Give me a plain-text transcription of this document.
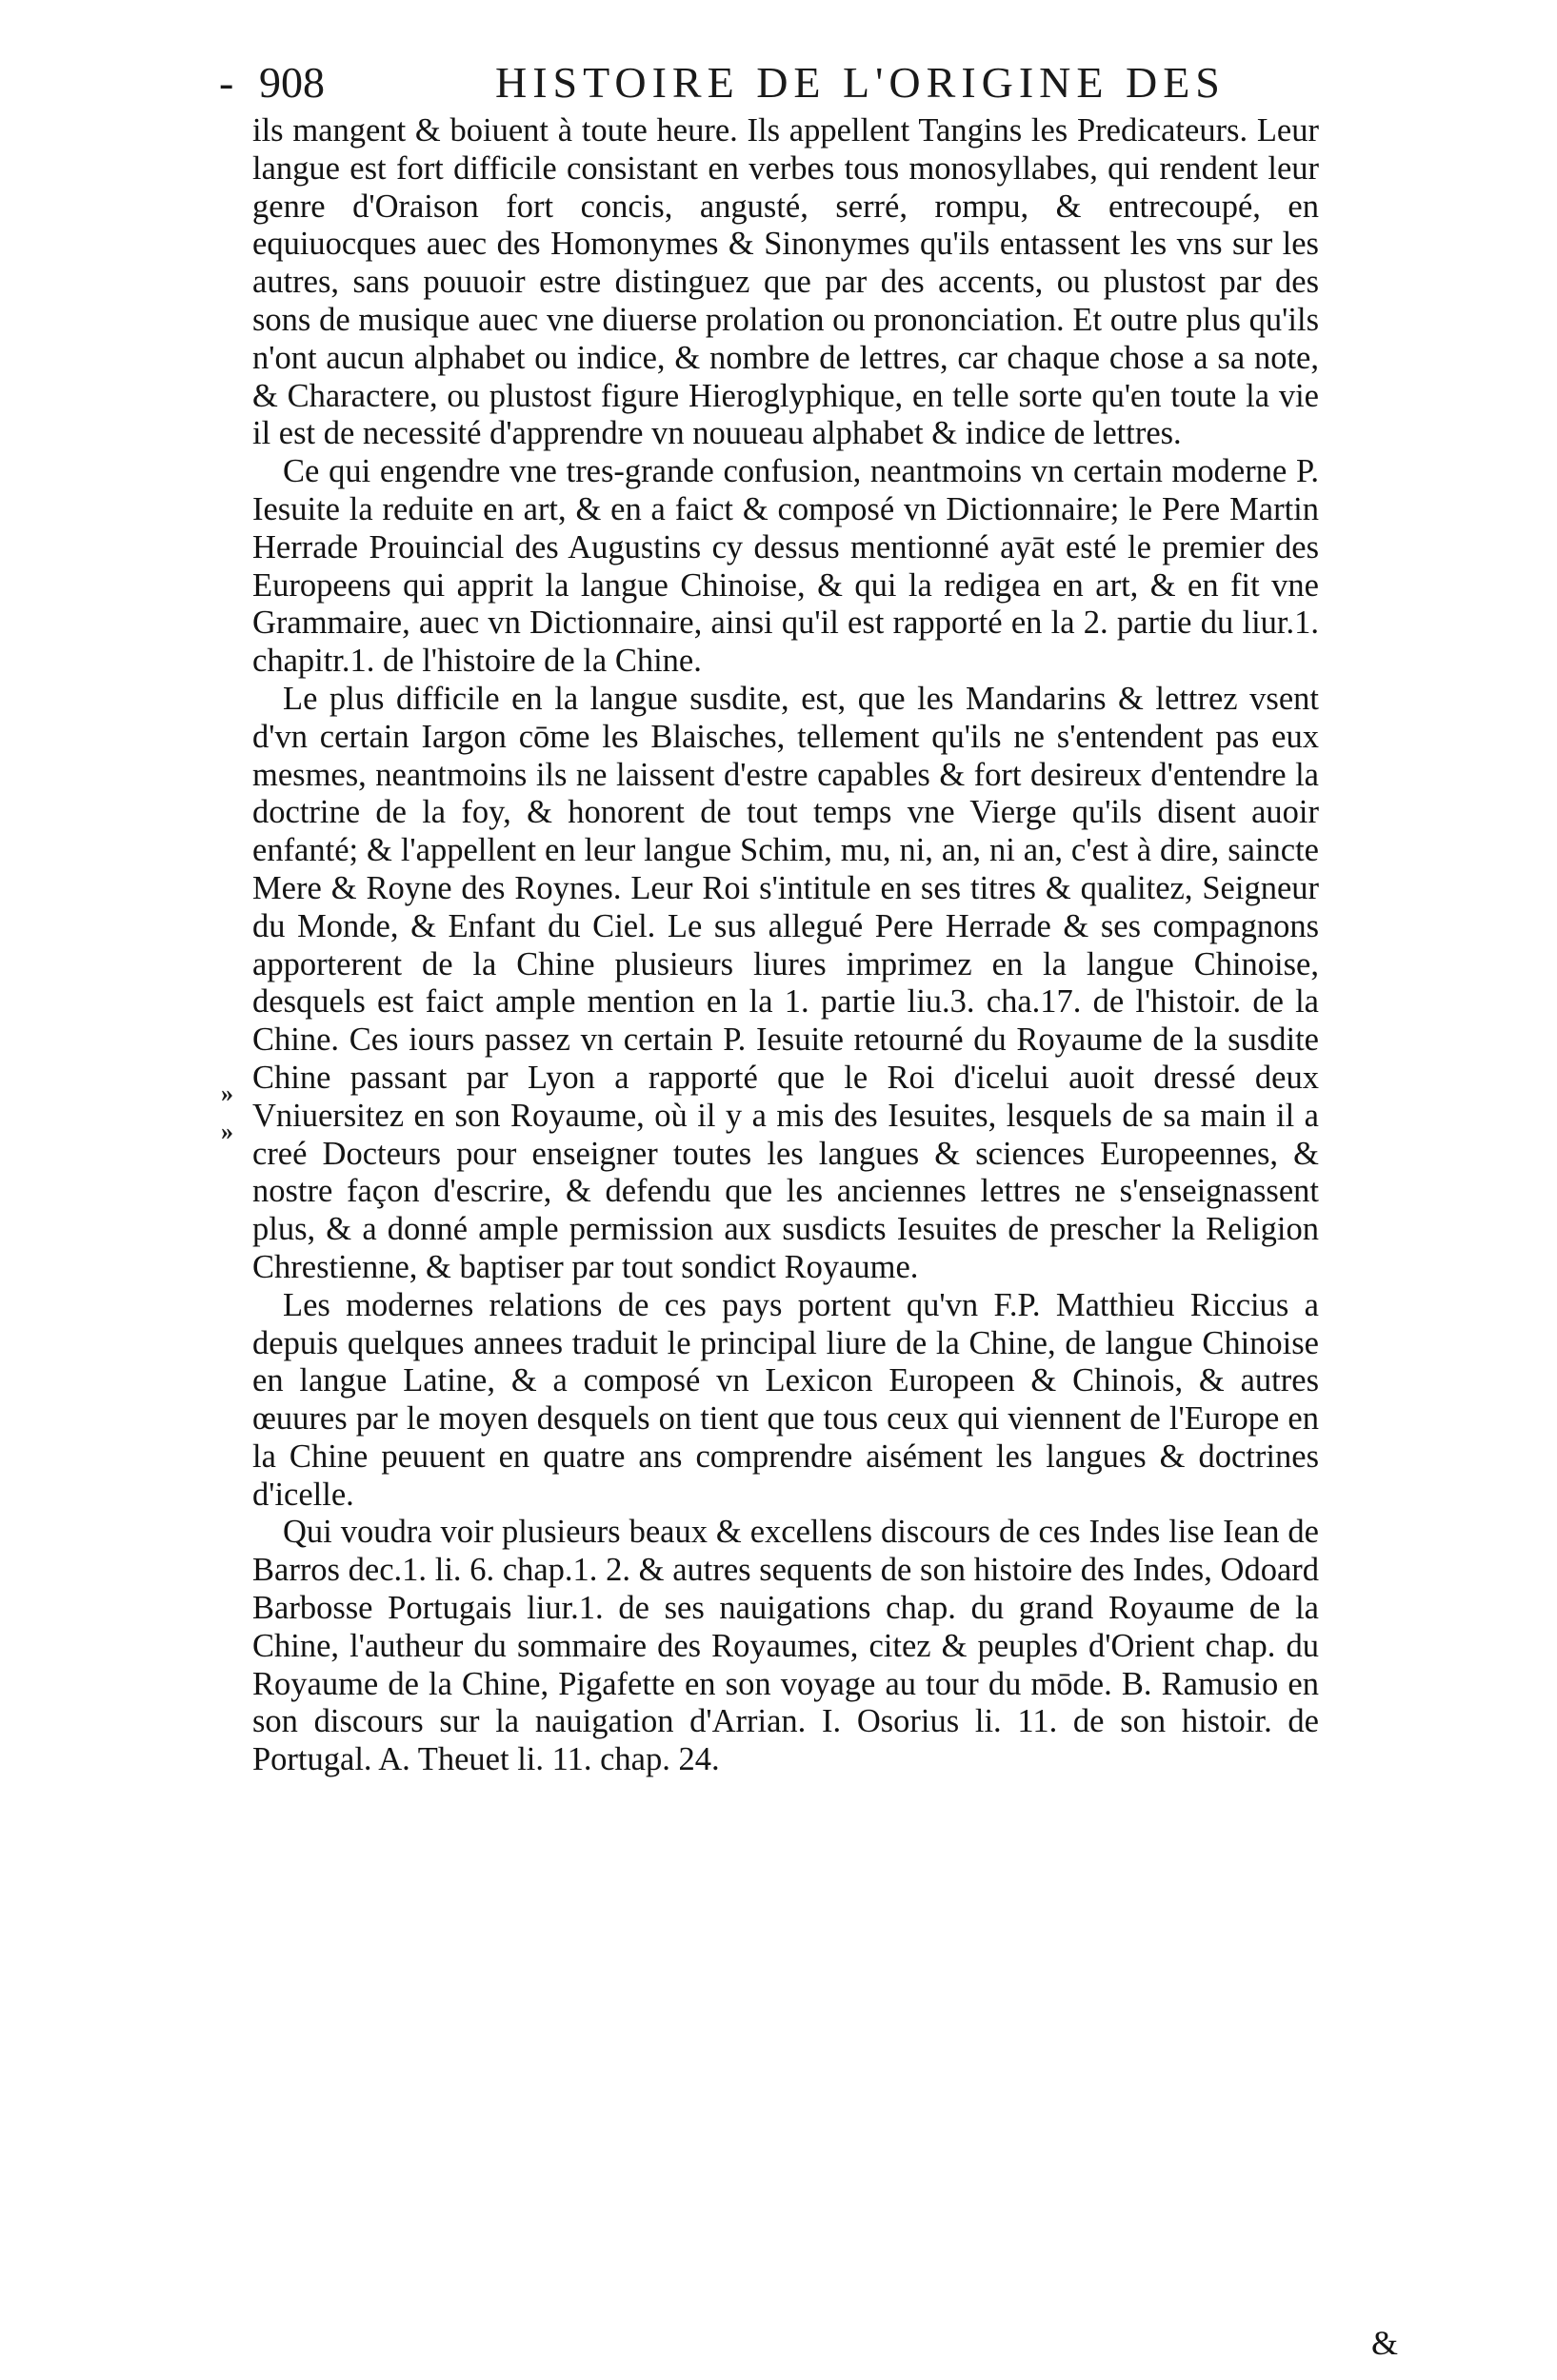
- 908	HISTOIRE DE L'ORIGINE DES

ils mangent & boiuent à toute heure. Ils appellent Tangins les Predicateurs. Leur langue est fort difficile consistant en verbes tous monosyllabes, qui rendent leur genre d'Oraison fort concis, angusté, serré, rompu, & entrecoupé, en equiuocques auec des Homonymes & Sinonymes qu'ils entassent les vns sur les autres, sans pouuoir estre distinguez que par des accents, ou plustost par des sons de musique auec vne diuerse prolation ou prononciation. Et outre plus qu'ils n'ont aucun alphabet ou indice, & nombre de lettres, car chaque chose a sa note, & Charactere, ou plustost figure Hieroglyphique, en telle sorte qu'en toute la vie il est de necessité d'apprendre vn nouueau alphabet & indice de lettres.

Ce qui engendre vne tres-grande confusion, neantmoins vn certain moderne P. Iesuite la reduite en art, & en a faict & composé vn Dictionnaire; le Pere Martin Herrade Prouincial des Augustins cy dessus mentionné ayāt esté le premier des Europeens qui apprit la langue Chinoise, & qui la redigea en art, & en fit vne Grammaire, auec vn Dictionnaire, ainsi qu'il est rapporté en la 2. partie du liur.1. chapitr.1. de l'histoire de la Chine.

Le plus difficile en la langue susdite, est, que les Mandarins & lettrez vsent d'vn certain Iargon cōme les Blaisches, tellement qu'ils ne s'entendent pas eux mesmes, neantmoins ils ne laissent d'estre capables & fort desireux d'entendre la doctrine de la foy, & honorent de tout temps vne Vierge qu'ils disent auoir enfanté; & l'appellent en leur langue Schim, mu, ni, an, ni an, c'est à dire, saincte Mere & Royne des Roynes. Leur Roi s'intitule en ses titres & qualitez, Seigneur du Monde, & Enfant du Ciel. Le sus allegué Pere Herrade & ses compagnons apporterent de la Chine plusieurs liures imprimez en la langue Chinoise, desquels est faict ample mention en la 1. partie liu.3. cha.17. de l'histoir. de la Chine. Ces iours passez vn certain P. Iesuite retourné du Royaume de la susdite Chine passant par Lyon a rapporté que le Roi d'icelui auoit dressé deux Vniuersitez en son Royaume, où il y a mis des Iesuites, lesquels de sa main il a creé Docteurs pour enseigner toutes les langues & sciences Europeennes, & nostre façon d'escrire, & defendu que les anciennes lettres ne s'enseignassent plus, & a donné ample permission aux susdicts Iesuites de prescher la Religion Chrestienne, & baptiser par tout sondict Royaume.

Les modernes relations de ces pays portent qu'vn F.P. Matthieu Riccius a depuis quelques annees traduit le principal liure de la Chine, de langue Chinoise en langue Latine, & a composé vn Lexicon Europeen & Chinois, & autres œuures par le moyen desquels on tient que tous ceux qui viennent de l'Europe en la Chine peuuent en quatre ans comprendre aisément les langues & doctrines d'icelle.

Qui voudra voir plusieurs beaux & excellens discours de ces Indes lise Iean de Barros dec.1. li. 6. chap.1. 2. & autres sequents de son histoire des Indes, Odoard Barbosse Portugais liur.1. de ses nauigations chap. du grand Royaume de la Chine, l'autheur du sommaire des Royaumes, citez & peuples d'Orient chap. du Royaume de la Chine, Pigafette en son voyage au tour du mōde. B. Ramusio en son discours sur la nauigation d'Arrian. I. Osorius li. 11. de son histoir. de Portugal. A. Theuet li. 11. chap. 24.

»
»
&
